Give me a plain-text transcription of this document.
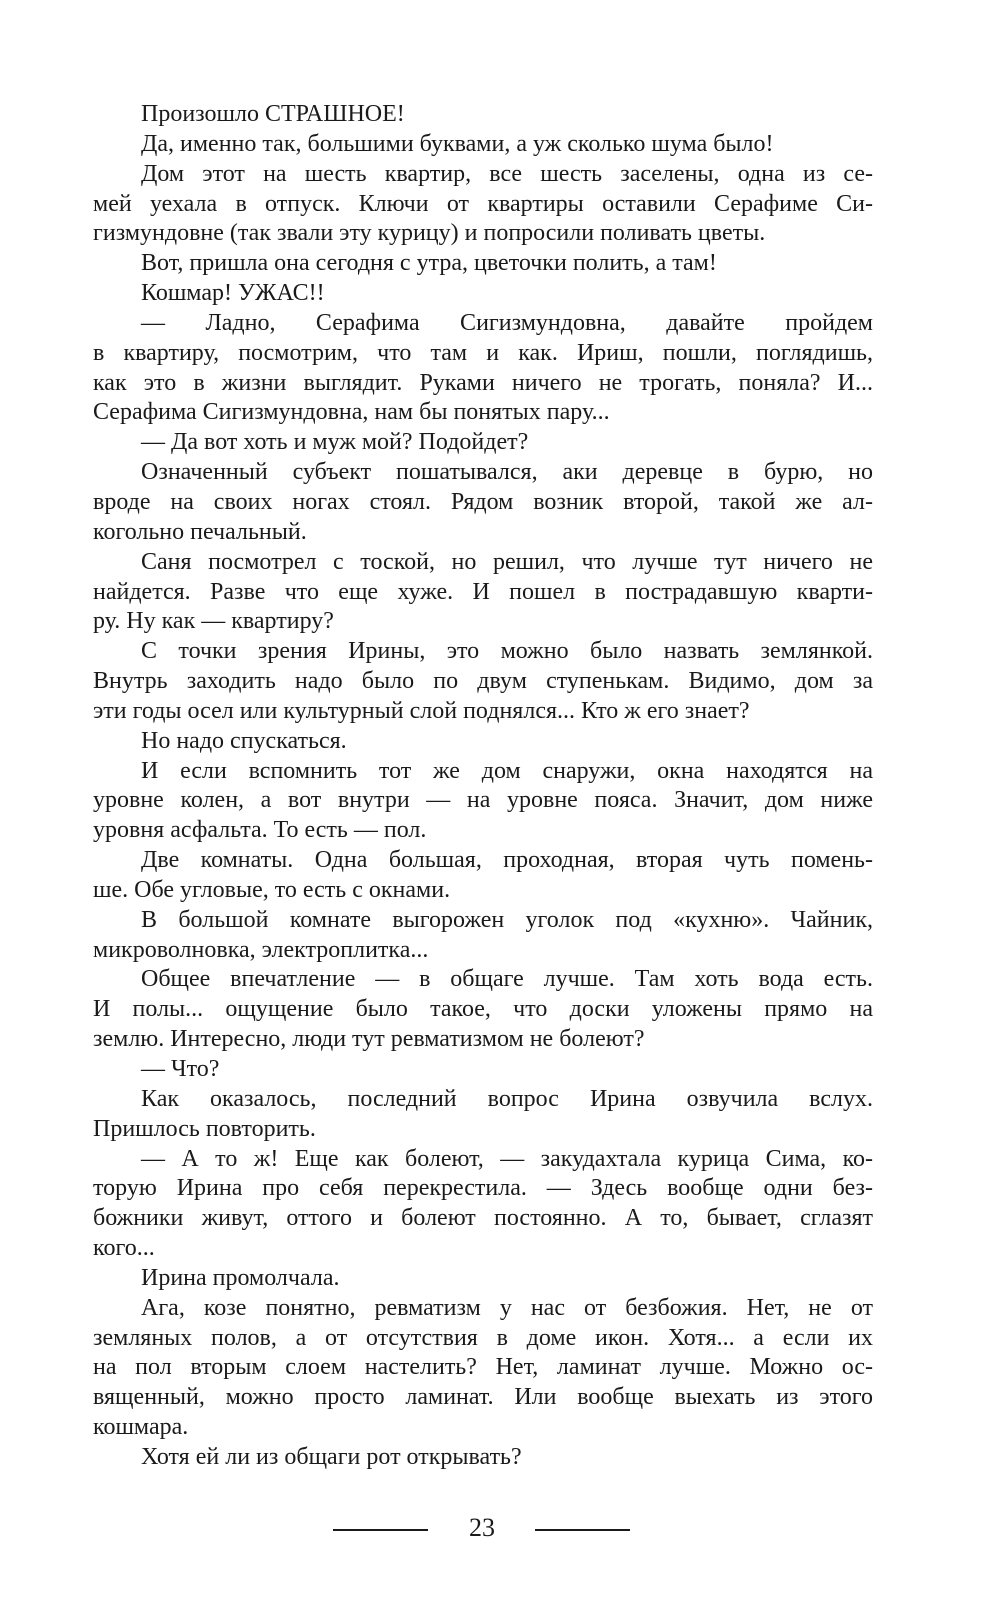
Произошло СТРАШНОЕ!
Да, именно так, большими буквами, а уж сколько шума было!
Дом этот на шесть квартир, все шесть заселены, одна из се-
мей уехала в отпуск. Ключи от квартиры оставили Серафиме Си-
гизмундовне (так звали эту курицу) и попросили поливать цветы.
Вот, пришла она сегодня с утра, цветочки полить, а там!
Кошмар! УЖАС!!
— Ладно, Серафима Сигизмундовна, давайте пройдем
в квартиру, посмотрим, что там и как. Ириш, пошли, поглядишь,
как это в жизни выглядит. Руками ничего не трогать, поняла? И...
Серафима Сигизмундовна, нам бы понятых пару...
— Да вот хоть и муж мой? Подойдет?
Означенный субъект пошатывался, аки деревце в бурю, но
вроде на своих ногах стоял. Рядом возник второй, такой же ал-
когольно печальный.
Саня посмотрел с тоской, но решил, что лучше тут ничего не
найдется. Разве что еще хуже. И пошел в пострадавшую кварти-
ру. Ну как — квартиру?
С точки зрения Ирины, это можно было назвать землянкой.
Внутрь заходить надо было по двум ступенькам. Видимо, дом за
эти годы осел или культурный слой поднялся... Кто ж его знает?
Но надо спускаться.
И если вспомнить тот же дом снаружи, окна находятся на
уровне колен, а вот внутри — на уровне пояса. Значит, дом ниже
уровня асфальта. То есть — пол.
Две комнаты. Одна большая, проходная, вторая чуть помень-
ше. Обе угловые, то есть с окнами.
В большой комнате выгорожен уголок под «кухню». Чайник,
микроволновка, электроплитка...
Общее впечатление — в общаге лучше. Там хоть вода есть.
И полы... ощущение было такое, что доски уложены прямо на
землю. Интересно, люди тут ревматизмом не болеют?
— Что?
Как оказалось, последний вопрос Ирина озвучила вслух.
Пришлось повторить.
— А то ж! Еще как болеют, — закудахтала курица Сима, ко-
торую Ирина про себя перекрестила. — Здесь вообще одни без-
божники живут, оттого и болеют постоянно. А то, бывает, сглазят
кого...
Ирина промолчала.
Ага, козе понятно, ревматизм у нас от безбожия. Нет, не от
земляных полов, а от отсутствия в доме икон. Хотя... а если их
на пол вторым слоем настелить? Нет, ламинат лучше. Можно ос-
вященный, можно просто ламинат. Или вообще выехать из этого
кошмара.
Хотя ей ли из общаги рот открывать?
23
